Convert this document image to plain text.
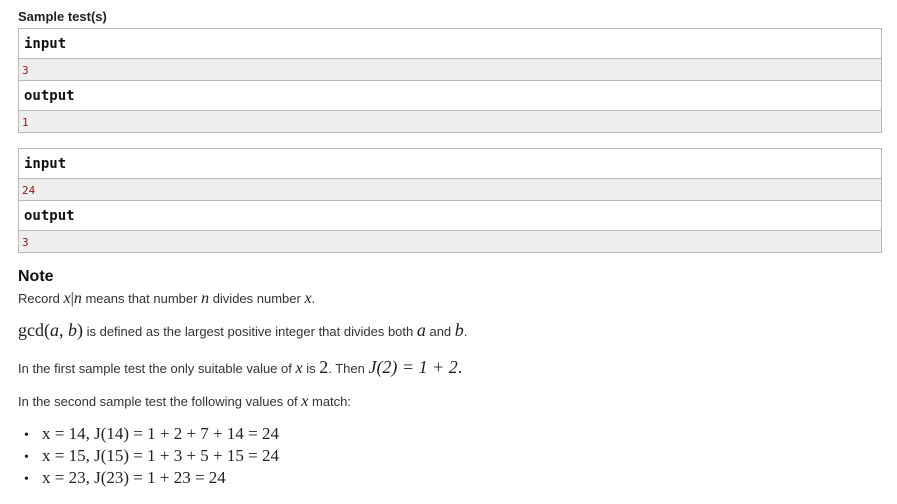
Sample test(s)
input
3
output
1
input
24
output
3
Note
Record x|n means that number n divides number x.
gcd(a, b) is defined as the largest positive integer that divides both a and b.
In the first sample test the only suitable value of x is 2. Then J(2) = 1 + 2.
In the second sample test the following values of x match:
• x = 14, J(14) = 1 + 2 + 7 + 14 = 24
• x = 15, J(15) = 1 + 3 + 5 + 15 = 24
• x = 23, J(23) = 1 + 23 = 24
